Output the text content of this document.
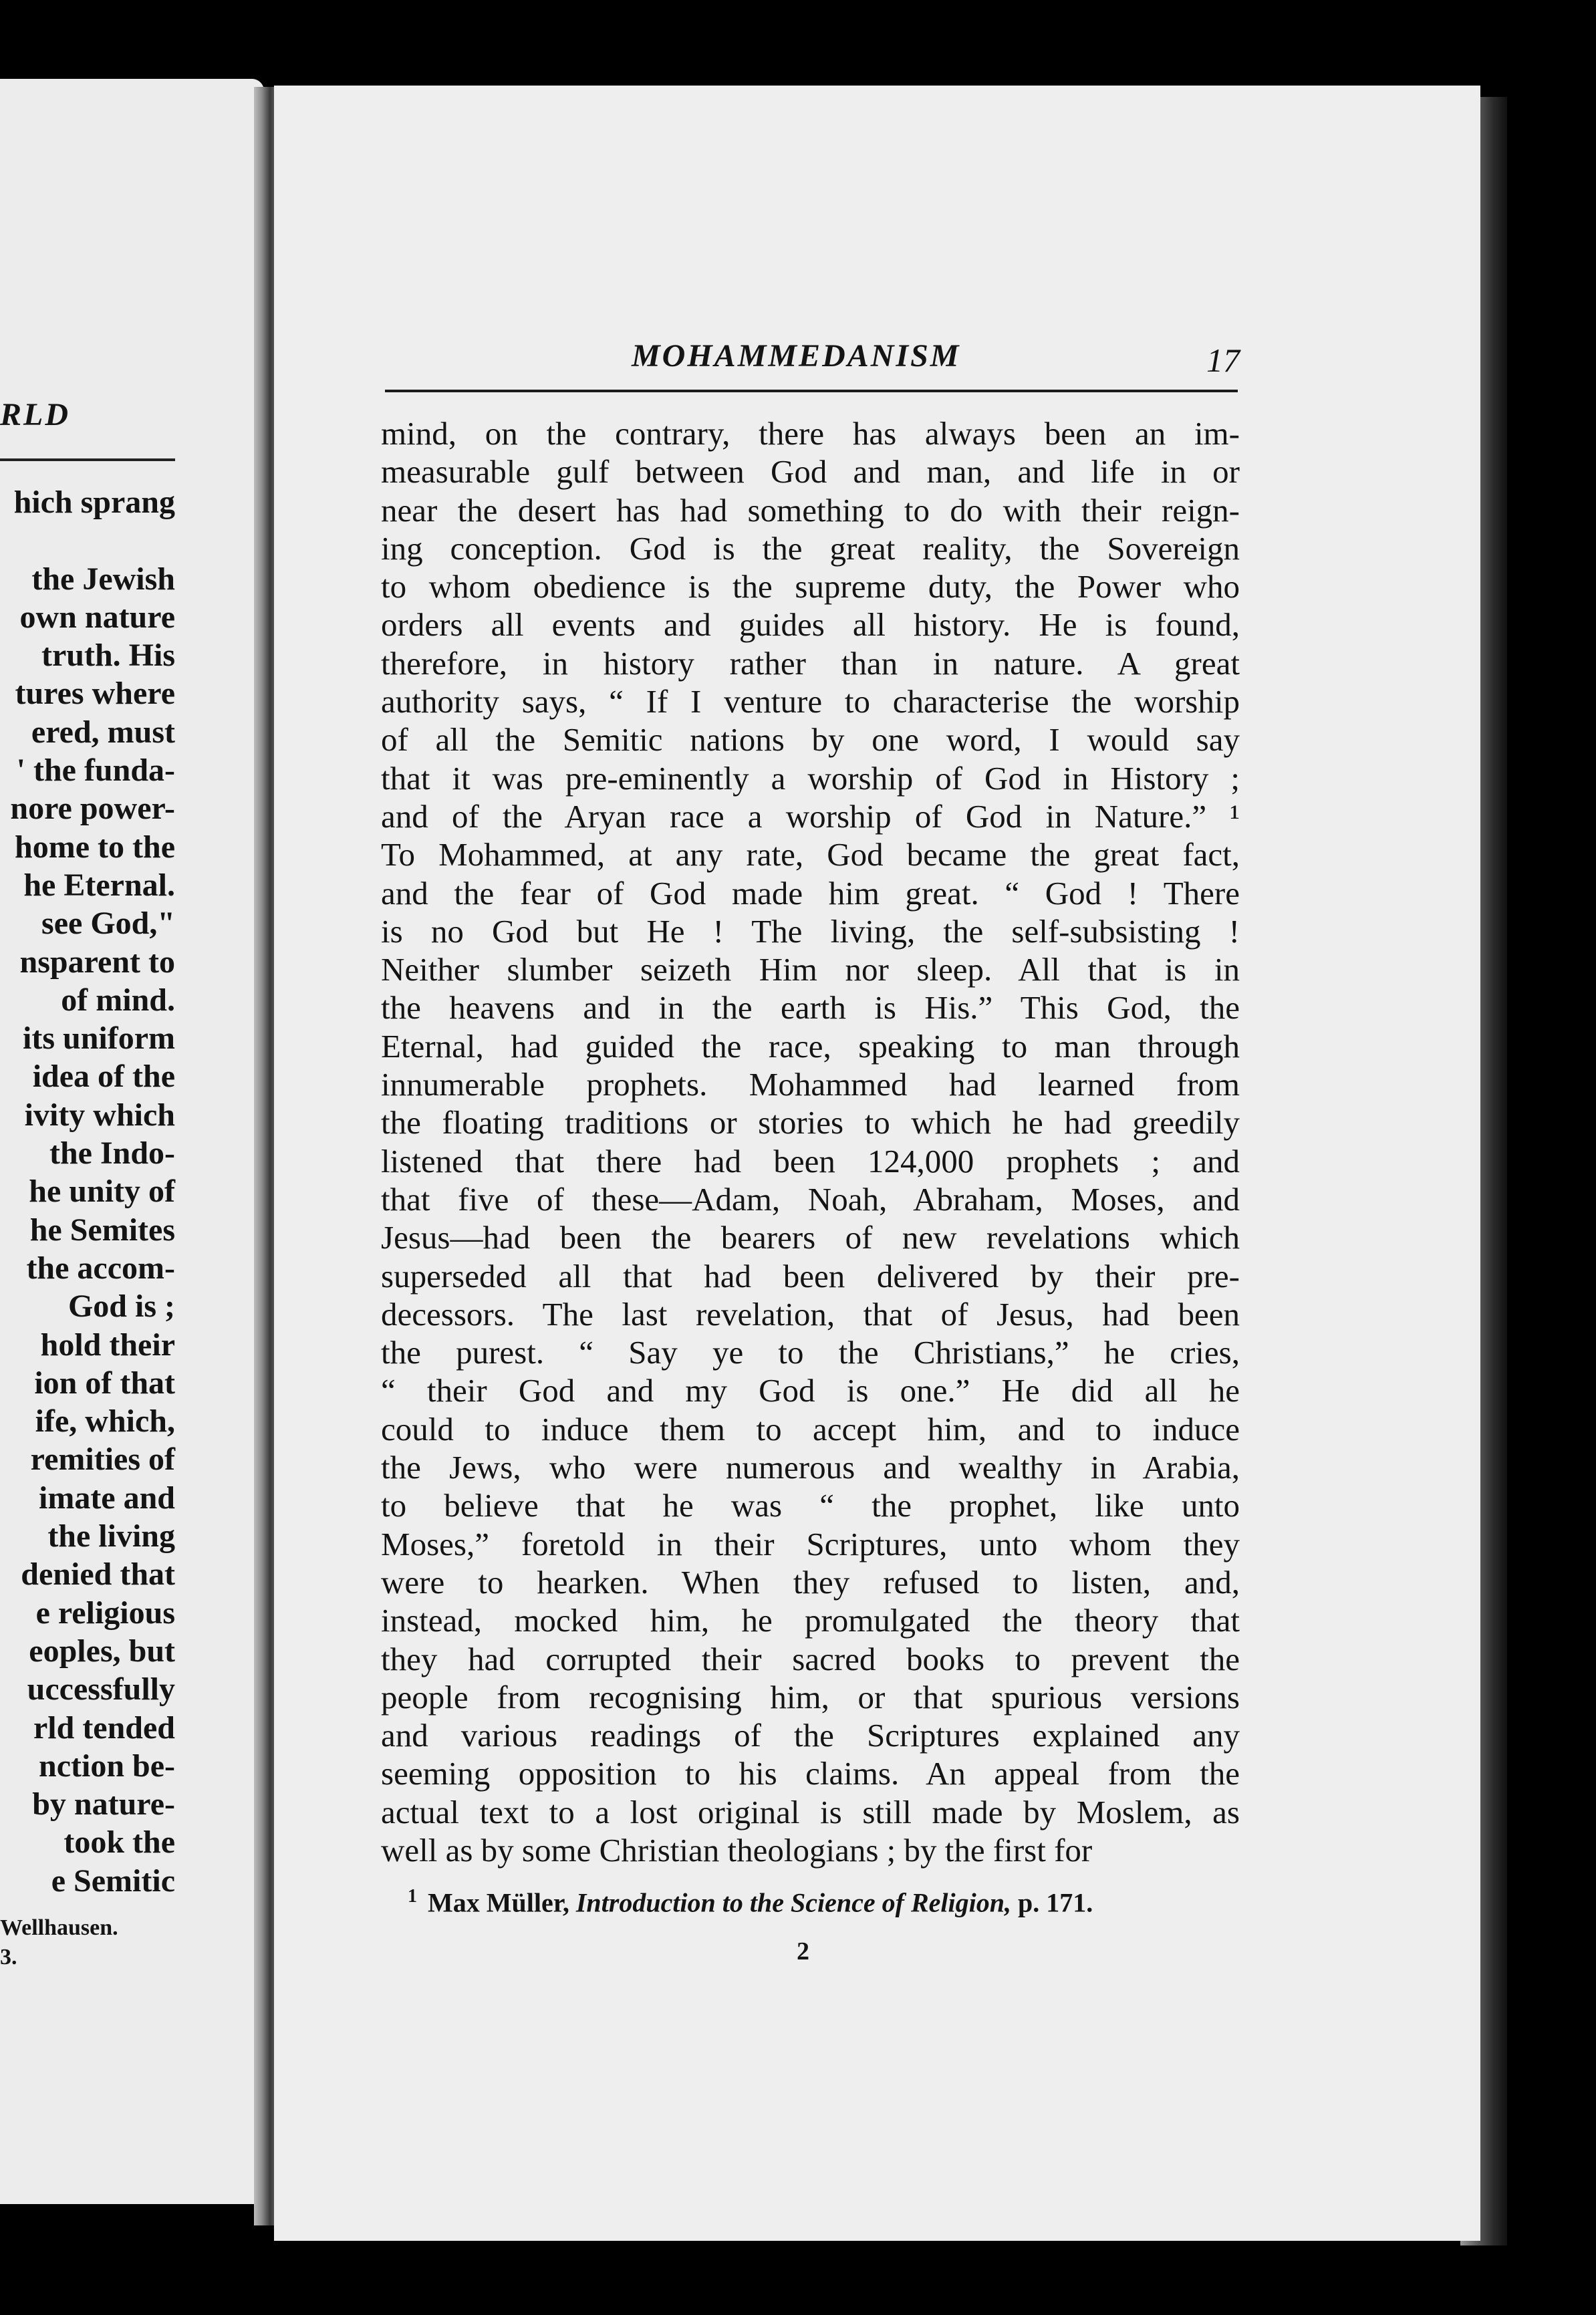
RLD
hich sprang
the Jewish
own nature
truth. His
tures where
ered, must
' the funda-
nore power-
home to the
he Eternal.
see God,"
nsparent to
of mind.
its uniform
idea of the
ivity which
the Indo-
he unity of
he Semites
the accom-
God is ;
hold their
ion of that
ife, which,
remities of
imate and
the living
denied that
e religious
eoples, but
uccessfully
rld tended
nction be-
by nature-
took the
e Semitic
Wellhausen.
3.
MOHAMMEDANISM	17
mind, on the contrary, there has always been an im-
measurable gulf between God and man, and life in or
near the desert has had something to do with their reign-
ing conception. God is the great reality, the Sovereign
to whom obedience is the supreme duty, the Power who
orders all events and guides all history. He is found,
therefore, in history rather than in nature. A great
authority says, “ If I venture to characterise the worship
of all the Semitic nations by one word, I would say
that it was pre-eminently a worship of God in History ;
and of the Aryan race a worship of God in Nature.” ¹
To Mohammed, at any rate, God became the great fact,
and the fear of God made him great. “ God ! There
is no God but He ! The living, the self-subsisting !
Neither slumber seizeth Him nor sleep. All that is in
the heavens and in the earth is His.” This God, the
Eternal, had guided the race, speaking to man through
innumerable prophets. Mohammed had learned from
the floating traditions or stories to which he had greedily
listened that there had been 124,000 prophets ; and
that five of these—Adam, Noah, Abraham, Moses, and
Jesus—had been the bearers of new revelations which
superseded all that had been delivered by their pre-
decessors. The last revelation, that of Jesus, had been
the purest. “ Say ye to the Christians,” he cries,
“ their God and my God is one.” He did all he
could to induce them to accept him, and to induce
the Jews, who were numerous and wealthy in Arabia,
to believe that he was “ the prophet, like unto
Moses,” foretold in their Scriptures, unto whom they
were to hearken. When they refused to listen, and,
instead, mocked him, he promulgated the theory that
they had corrupted their sacred books to prevent the
people from recognising him, or that spurious versions
and various readings of the Scriptures explained any
seeming opposition to his claims. An appeal from the
actual text to a lost original is still made by Moslem, as
well as by some Christian theologians ; by the first for
$^1$ Max Müller, Introduction to the Science of Religion, p. 171.
2
